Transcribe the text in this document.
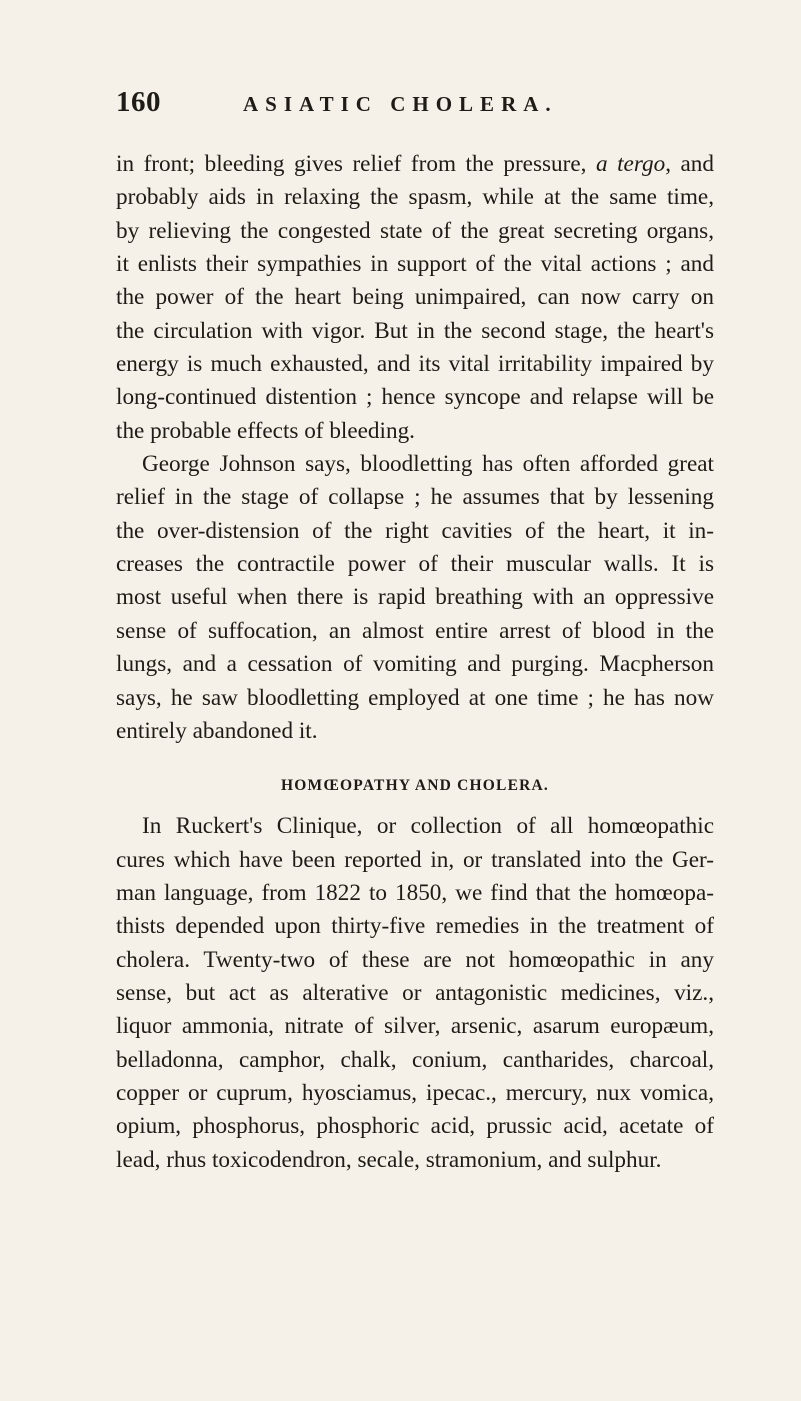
160	ASIATIC CHOLERA.
in front; bleeding gives relief from the pressure, a tergo, and
probably aids in relaxing the spasm, while at the same time,
by relieving the congested state of the great secreting organs,
it enlists their sympathies in support of the vital actions ; and
the power of the heart being unimpaired, can now carry on
the circulation with vigor. But in the second stage, the heart's
energy is much exhausted, and its vital irritability impaired by
long-continued distention ; hence syncope and relapse will be
the probable effects of bleeding.
George Johnson says, bloodletting has often afforded great
relief in the stage of collapse ; he assumes that by lessening
the over-distension of the right cavities of the heart, it in-
creases the contractile power of their muscular walls. It is
most useful when there is rapid breathing with an oppressive
sense of suffocation, an almost entire arrest of blood in the
lungs, and a cessation of vomiting and purging. Macpherson
says, he saw bloodletting employed at one time ; he has now
entirely abandoned it.
HOMŒOPATHY AND CHOLERA.
In Ruckert's Clinique, or collection of all homœopathic
cures which have been reported in, or translated into the Ger-
man language, from 1822 to 1850, we find that the homœopa-
thists depended upon thirty-five remedies in the treatment of
cholera. Twenty-two of these are not homœopathic in any
sense, but act as alterative or antagonistic medicines, viz.,
liquor ammonia, nitrate of silver, arsenic, asarum europæum,
belladonna, camphor, chalk, conium, cantharides, charcoal,
copper or cuprum, hyosciamus, ipecac., mercury, nux vomica,
opium, phosphorus, phosphoric acid, prussic acid, acetate of
lead, rhus toxicodendron, secale, stramonium, and sulphur.
